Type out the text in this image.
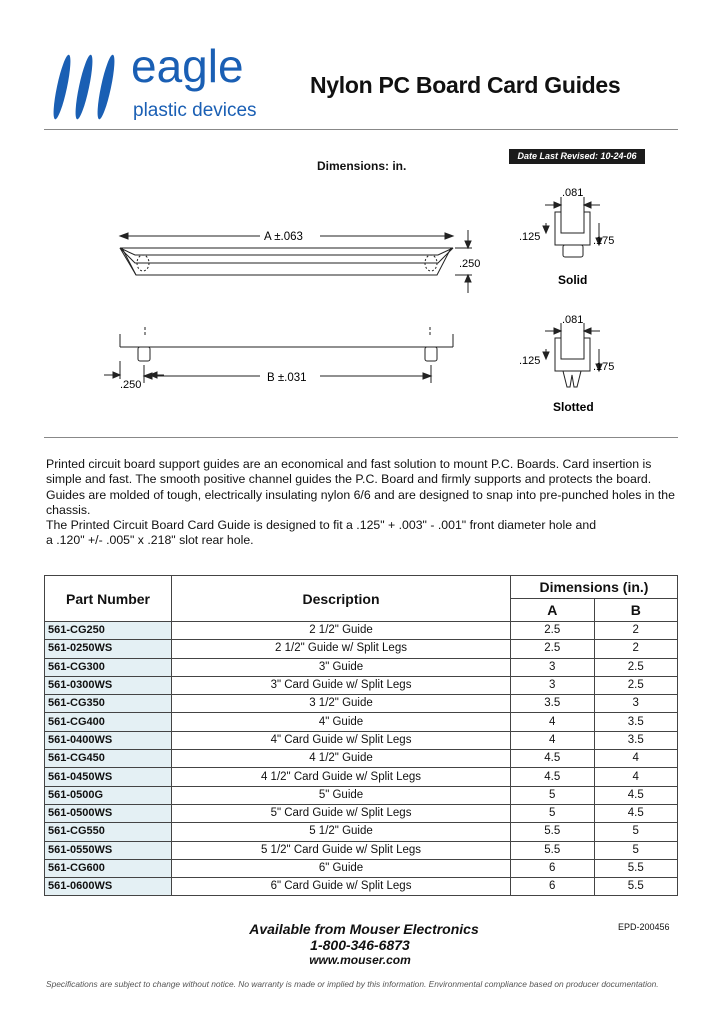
eagle
plastic devices
Nylon PC Board Card Guides
Dimensions: in.
Date Last Revised: 10-24-06
A ±.063
.250
B ±.031
.250
.081
.125	.175
Solid
.081
.125	.175
Slotted
Printed circuit board support guides are an economical and fast solution to mount P.C. Boards. Card insertion is simple and fast. The smooth positive channel guides the P.C. Board and firmly supports and protects the board. Guides are molded of tough, electrically insulating nylon 6/6 and are designed to snap into pre-punched holes in the chassis.
The Printed Circuit Board Card Guide is designed to fit a .125" + .003" - .001" front diameter hole and a .120" +/- .005" x .218" slot rear hole.
Part Number	Description	Dimensions (in.)	
		A	B
561-CG250	2 1/2" Guide	2.5	2
561-0250WS	2 1/2" Guide w/ Split Legs	2.5	2
561-CG300	3" Guide	3	2.5
561-0300WS	3" Card Guide w/ Split Legs	3	2.5
561-CG350	3 1/2" Guide	3.5	3
561-CG400	4" Guide	4	3.5
561-0400WS	4" Card Guide w/ Split Legs	4	3.5
561-CG450	4 1/2" Guide	4.5	4
561-0450WS	4 1/2" Card Guide w/ Split Legs	4.5	4
561-0500G	5" Guide	5	4.5
561-0500WS	5" Card Guide w/ Split Legs	5	4.5
561-CG550	5 1/2" Guide	5.5	5
561-0550WS	5 1/2" Card Guide w/ Split Legs	5.5	5
561-CG600	6" Guide	6	5.5
561-0600WS	6" Card Guide w/ Split Legs	6	5.5
Available from Mouser Electronics
1-800-346-6873
www.mouser.com
EPD-200456
Specifications are subject to change without notice. No warranty is made or implied by this information. Environmental compliance based on producer documentation.
